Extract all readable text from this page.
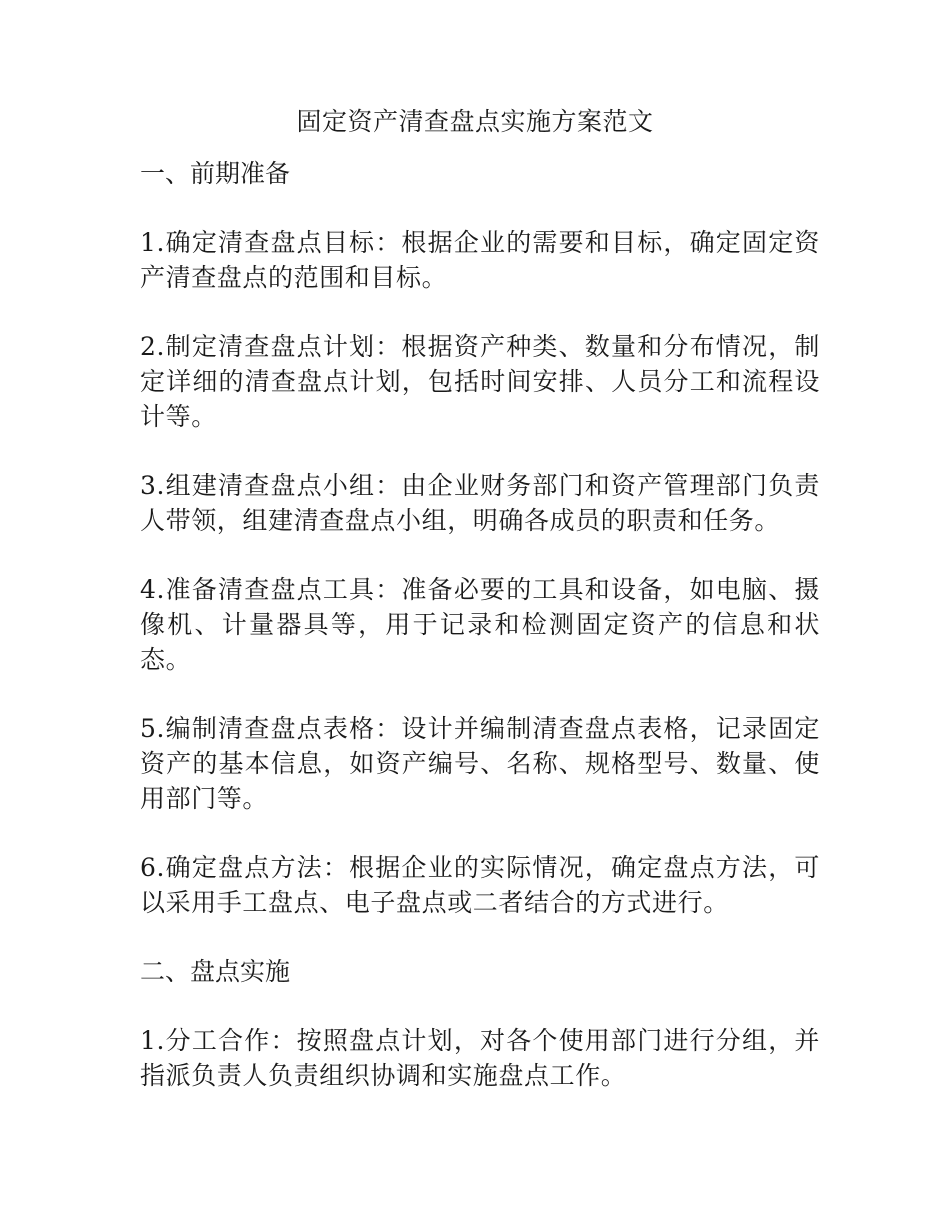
固定资产清查盘点实施方案范文
一、前期准备
1.确定清查盘点目标：根据企业的需要和目标，确定固定资产清查盘点的范围和目标。
2.制定清查盘点计划：根据资产种类、数量和分布情况，制定详细的清查盘点计划，包括时间安排、人员分工和流程设计等。
3.组建清查盘点小组：由企业财务部门和资产管理部门负责人带领，组建清查盘点小组，明确各成员的职责和任务。
4.准备清查盘点工具：准备必要的工具和设备，如电脑、摄像机、计量器具等，用于记录和检测固定资产的信息和状态。
5.编制清查盘点表格：设计并编制清查盘点表格，记录固定资产的基本信息，如资产编号、名称、规格型号、数量、使用部门等。
6.确定盘点方法：根据企业的实际情况，确定盘点方法，可以采用手工盘点、电子盘点或二者结合的方式进行。
二、盘点实施
1.分工合作：按照盘点计划，对各个使用部门进行分组，并指派负责人负责组织协调和实施盘点工作。
